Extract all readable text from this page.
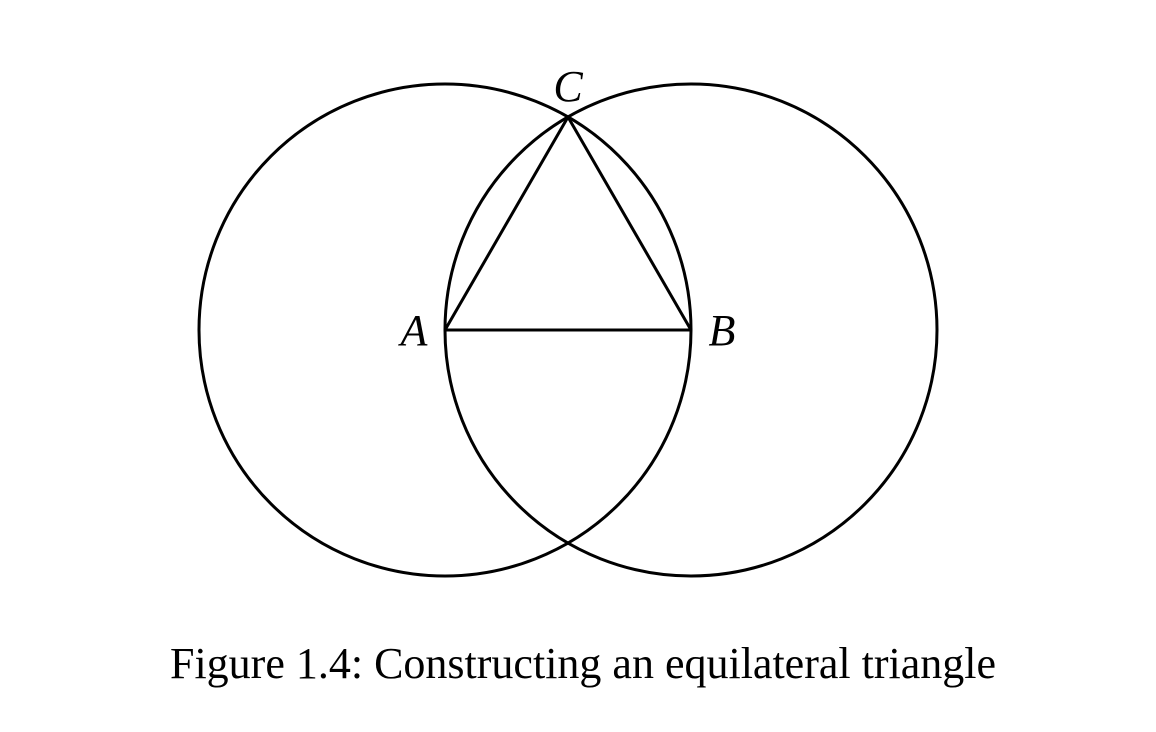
C
A	B
Figure 1.4: Constructing an equilateral triangle
